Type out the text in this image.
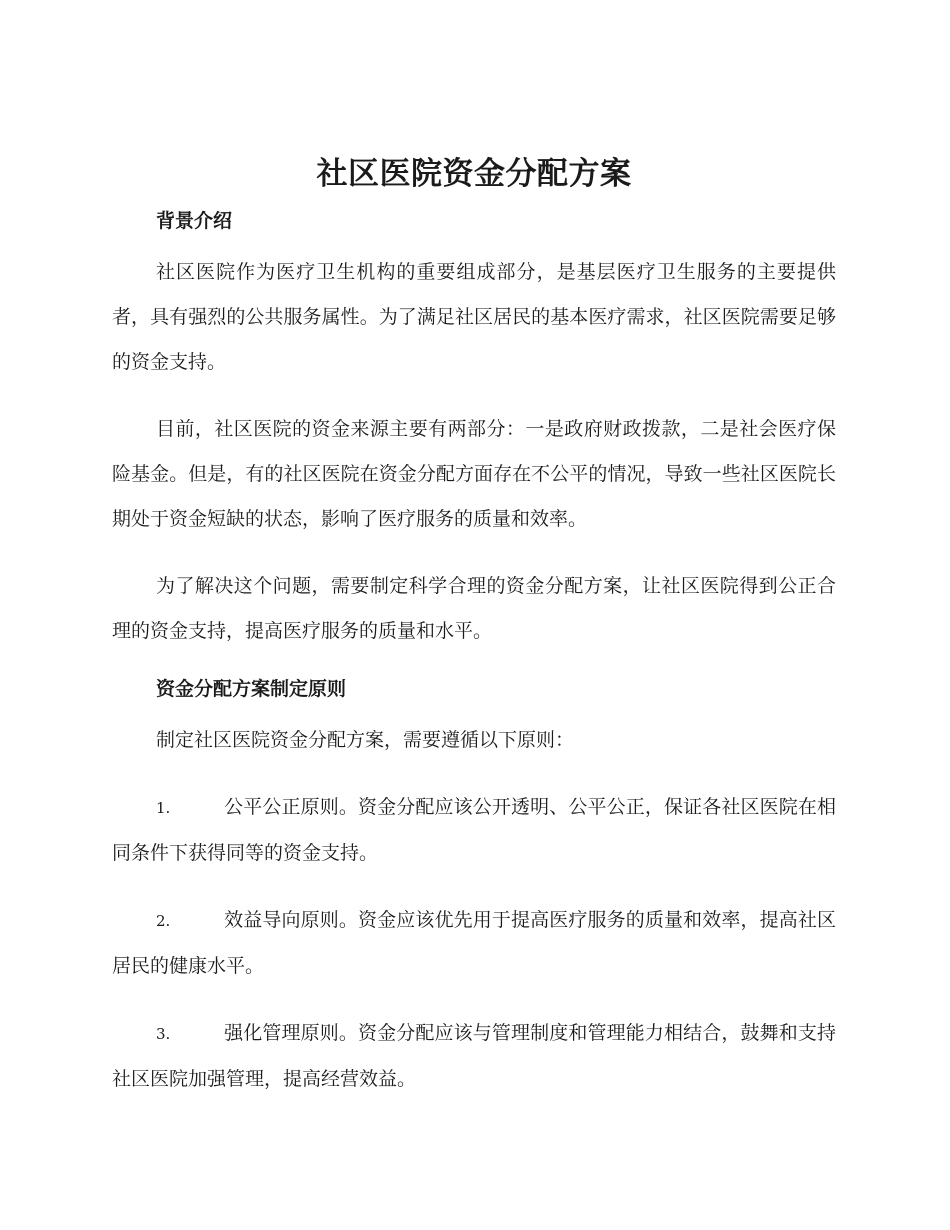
社区医院资金分配方案
背景介绍

社区医院作为医疗卫生机构的重要组成部分，是基层医疗卫生服务的主要提供者，具有强烈的公共服务属性。为了满足社区居民的基本医疗需求，社区医院需要足够的资金支持。

目前，社区医院的资金来源主要有两部分：一是政府财政拨款，二是社会医疗保险基金。但是，有的社区医院在资金分配方面存在不公平的情况，导致一些社区医院长期处于资金短缺的状态，影响了医疗服务的质量和效率。

为了解决这个问题，需要制定科学合理的资金分配方案，让社区医院得到公正合理的资金支持，提高医疗服务的质量和水平。

资金分配方案制定原则

制定社区医院资金分配方案，需要遵循以下原则：

1.	公平公正原则。资金分配应该公开透明、公平公正，保证各社区医院在相同条件下获得同等的资金支持。

2.	效益导向原则。资金应该优先用于提高医疗服务的质量和效率，提高社区居民的健康水平。

3.	强化管理原则。资金分配应该与管理制度和管理能力相结合，鼓舞和支持社区医院加强管理，提高经营效益。
